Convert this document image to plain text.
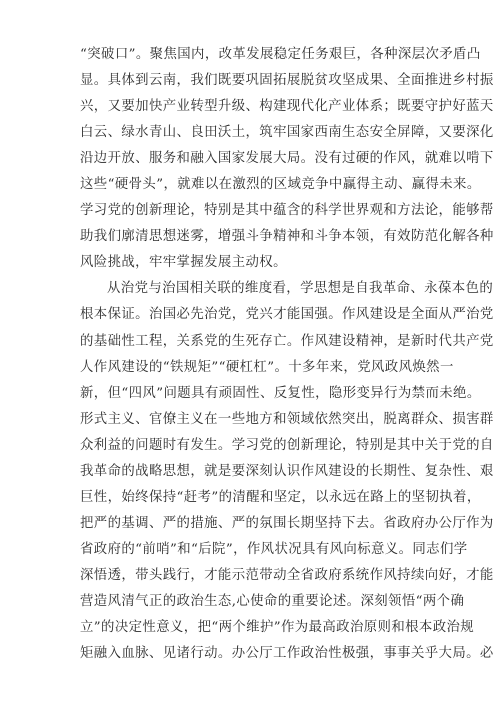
“突破口”。聚焦国内，改革发展稳定任务艰巨，各种深层次矛盾凸
显。具体到云南，我们既要巩固拓展脱贫攻坚成果、全面推进乡村振
兴，又要加快产业转型升级、构建现代化产业体系；既要守护好蓝天
白云、绿水青山、良田沃土，筑牢国家西南生态安全屏障，又要深化
沿边开放、服务和融入国家发展大局。没有过硬的作风，就难以啃下
这些“硬骨头”，就难以在激烈的区域竞争中赢得主动、赢得未来。
学习党的创新理论，特别是其中蕴含的科学世界观和方法论，能够帮
助我们廓清思想迷雾，增强斗争精神和斗争本领，有效防范化解各种
风险挑战，牢牢掌握发展主动权。
从治党与治国相关联的维度看，学思想是自我革命、永葆本色的
根本保证。治国必先治党，党兴才能国强。作风建设是全面从严治党
的基础性工程，关系党的生死存亡。作风建设精神，是新时代共产党
人作风建设的“铁规矩”“硬杠杠”。十多年来，党风政风焕然一
新，但“四风”问题具有顽固性、反复性，隐形变异行为禁而未绝。
形式主义、官僚主义在一些地方和领域依然突出，脱离群众、损害群
众利益的问题时有发生。学习党的创新理论，特别是其中关于党的自
我革命的战略思想，就是要深刻认识作风建设的长期性、复杂性、艰
巨性，始终保持“赶考”的清醒和坚定，以永远在路上的坚韧执着，
把严的基调、严的措施、严的氛围长期坚持下去。省政府办公厅作为
省政府的“前哨”和“后院”，作风状况具有风向标意义。同志们学
深悟透，带头践行，才能示范带动全省政府系统作风持续向好，才能
营造风清气正的政治生态,心使命的重要论述。深刻领悟“两个确
立”的决定性意义，把“两个维护”作为最高政治原则和根本政治规
矩融入血脉、见诸行动。办公厅工作政治性极强，事事关乎大局。必
